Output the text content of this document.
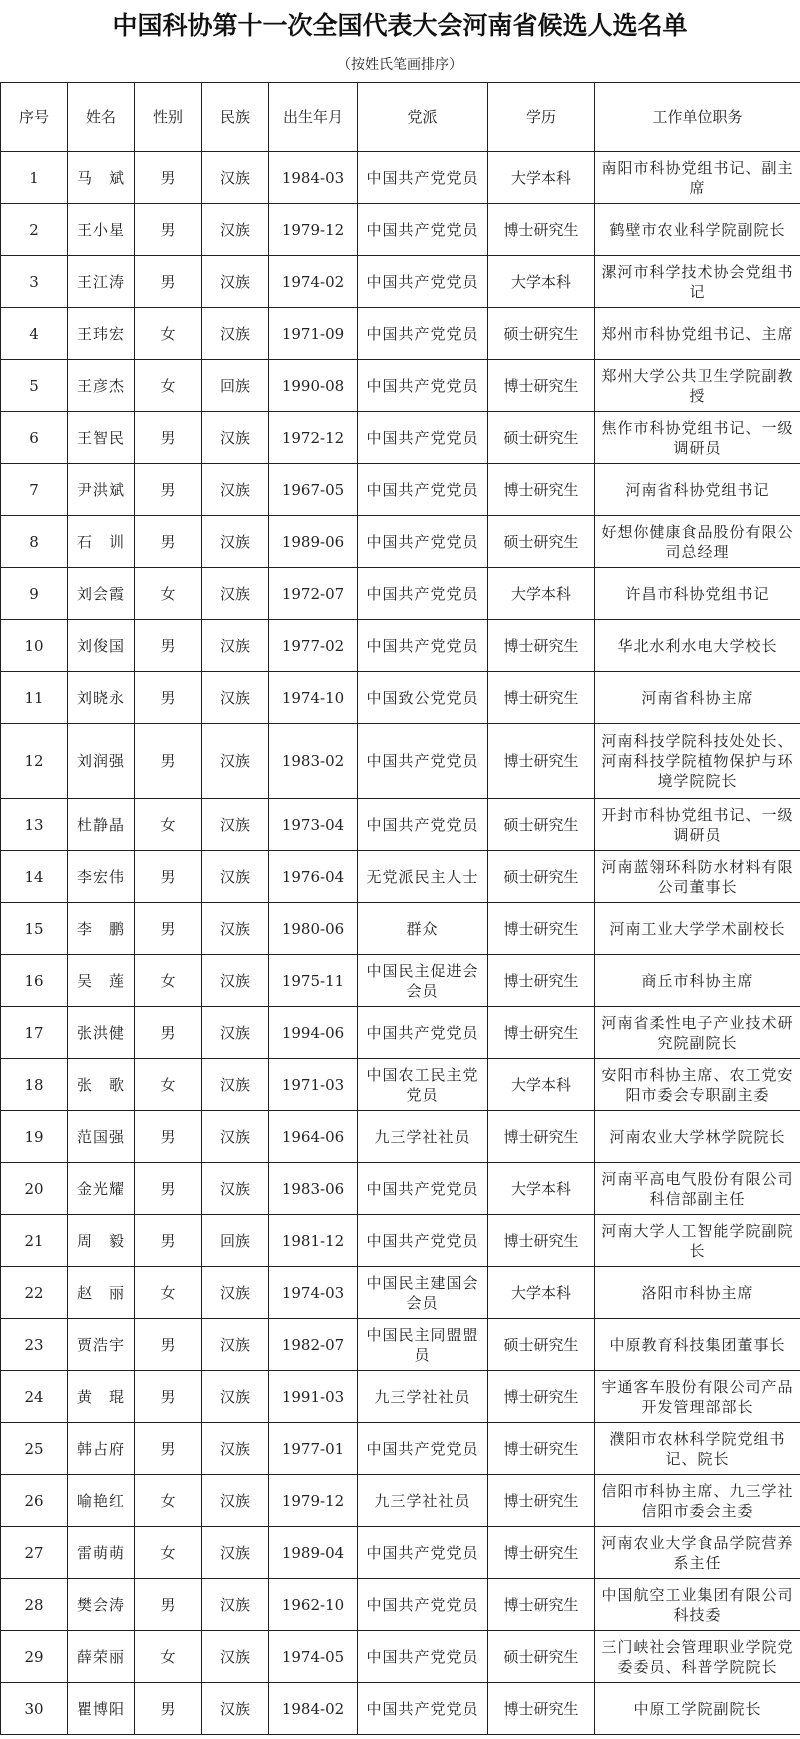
中国科协第十一次全国代表大会河南省候选人选名单
（按姓氏笔画排序）
序号	姓名	性别	民族	出生年月	党派	学历	工作单位职务
1	马　斌	男	汉族	1984-03	中国共产党党员	大学本科	南阳市科协党组书记、副主席
2	王小星	男	汉族	1979-12	中国共产党党员	博士研究生	鹤壁市农业科学院副院长
3	王江涛	男	汉族	1974-02	中国共产党党员	大学本科	漯河市科学技术协会党组书记
4	王玮宏	女	汉族	1971-09	中国共产党党员	硕士研究生	郑州市科协党组书记、主席
5	王彦杰	女	回族	1990-08	中国共产党党员	博士研究生	郑州大学公共卫生学院副教授
6	王智民	男	汉族	1972-12	中国共产党党员	硕士研究生	焦作市科协党组书记、一级调研员
7	尹洪斌	男	汉族	1967-05	中国共产党党员	博士研究生	河南省科协党组书记
8	石　训	男	汉族	1989-06	中国共产党党员	硕士研究生	好想你健康食品股份有限公司总经理
9	刘会霞	女	汉族	1972-07	中国共产党党员	大学本科	许昌市科协党组书记
10	刘俊国	男	汉族	1977-02	中国共产党党员	博士研究生	华北水利水电大学校长
11	刘晓永	男	汉族	1974-10	中国致公党党员	博士研究生	河南省科协主席
12	刘润强	男	汉族	1983-02	中国共产党党员	博士研究生	河南科技学院科技处处长、河南科技学院植物保护与环境学院院长
13	杜静晶	女	汉族	1973-04	中国共产党党员	硕士研究生	开封市科协党组书记、一级调研员
14	李宏伟	男	汉族	1976-04	无党派民主人士	硕士研究生	河南蓝翎环科防水材料有限公司董事长
15	李　鹏	男	汉族	1980-06	群众	博士研究生	河南工业大学学术副校长
16	吴　莲	女	汉族	1975-11	中国民主促进会会员	博士研究生	商丘市科协主席
17	张洪健	男	汉族	1994-06	中国共产党党员	博士研究生	河南省柔性电子产业技术研究院副院长
18	张　歌	女	汉族	1971-03	中国农工民主党党员	大学本科	安阳市科协主席、农工党安阳市委会专职副主委
19	范国强	男	汉族	1964-06	九三学社社员	博士研究生	河南农业大学林学院院长
20	金光耀	男	汉族	1983-06	中国共产党党员	大学本科	河南平高电气股份有限公司科信部副主任
21	周　毅	男	回族	1981-12	中国共产党党员	博士研究生	河南大学人工智能学院副院长
22	赵　丽	女	汉族	1974-03	中国民主建国会会员	大学本科	洛阳市科协主席
23	贾浩宇	男	汉族	1982-07	中国民主同盟盟员	硕士研究生	中原教育科技集团董事长
24	黄　琨	男	汉族	1991-03	九三学社社员	博士研究生	宇通客车股份有限公司产品开发管理部部长
25	韩占府	男	汉族	1977-01	中国共产党党员	博士研究生	濮阳市农林科学院党组书记、院长
26	喻艳红	女	汉族	1979-12	九三学社社员	博士研究生	信阳市科协主席、九三学社信阳市委会主委
27	雷萌萌	女	汉族	1989-04	中国共产党党员	博士研究生	河南农业大学食品学院营养系主任
28	樊会涛	男	汉族	1962-10	中国共产党党员	博士研究生	中国航空工业集团有限公司科技委
29	薛荣丽	女	汉族	1974-05	中国共产党党员	硕士研究生	三门峡社会管理职业学院党委委员、科普学院院长
30	瞿博阳	男	汉族	1984-02	中国共产党党员	博士研究生	中原工学院副院长
